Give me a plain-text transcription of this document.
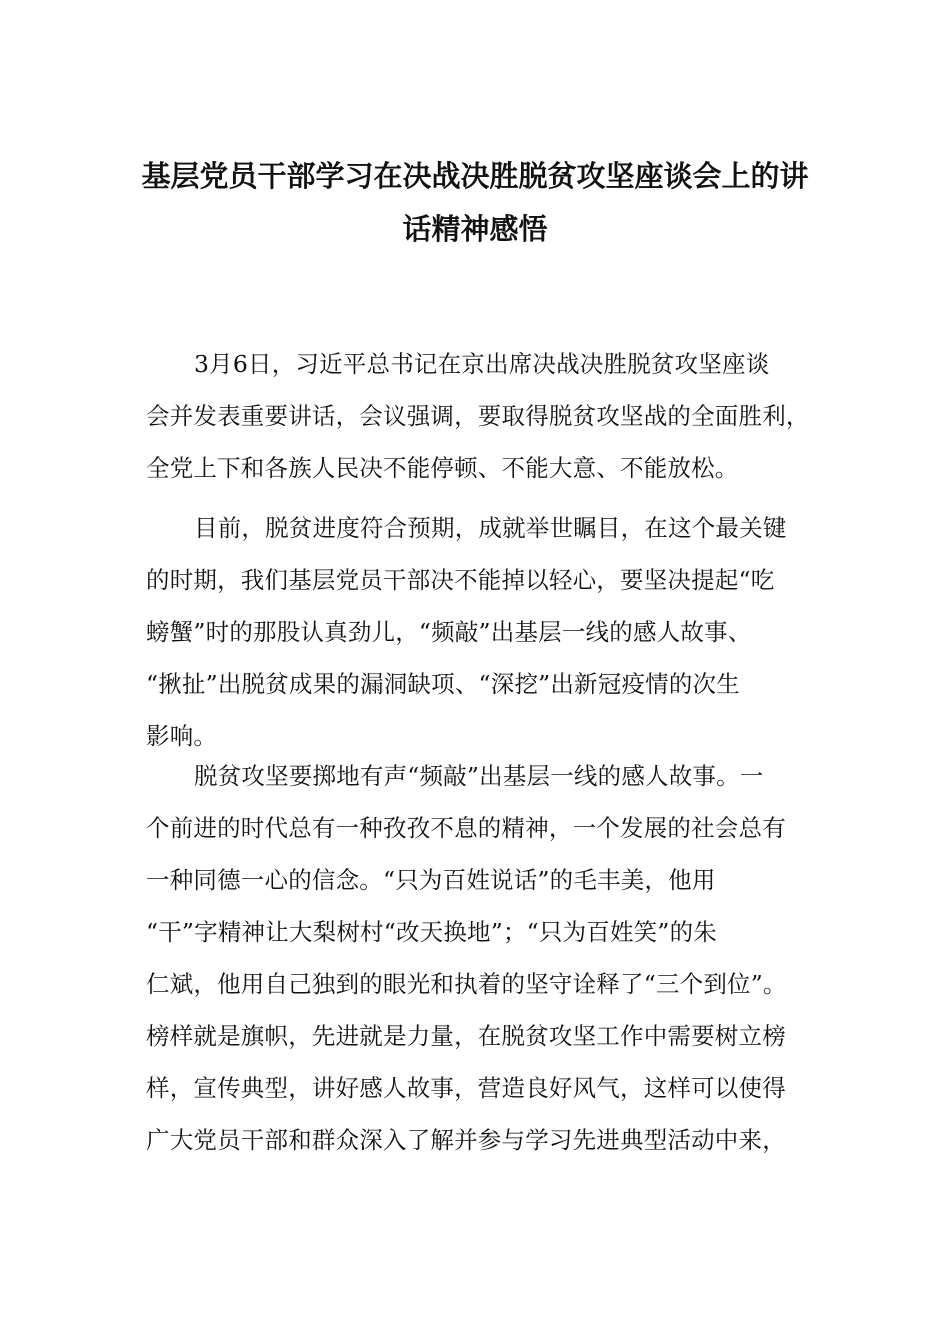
基层党员干部学习在决战决胜脱贫攻坚座谈会上的讲
话精神感悟
3月6日，习近平总书记在京出席决战决胜脱贫攻坚座谈
会并发表重要讲话，会议强调，要取得脱贫攻坚战的全面胜利，
全党上下和各族人民决不能停顿、不能大意、不能放松。
目前，脱贫进度符合预期，成就举世瞩目，在这个最关键
的时期，我们基层党员干部决不能掉以轻心，要坚决提起“吃
螃蟹”时的那股认真劲儿，“频敲”出基层一线的感人故事、
“揪扯”出脱贫成果的漏洞缺项、“深挖”出新冠疫情的次生
影响。
脱贫攻坚要掷地有声“频敲”出基层一线的感人故事。一
个前进的时代总有一种孜孜不息的精神，一个发展的社会总有
一种同德一心的信念。“只为百姓说话”的毛丰美，他用
“干”字精神让大梨树村“改天换地”；“只为百姓笑”的朱
仁斌，他用自己独到的眼光和执着的坚守诠释了“三个到位”。
榜样就是旗帜，先进就是力量，在脱贫攻坚工作中需要树立榜
样，宣传典型，讲好感人故事，营造良好风气，这样可以使得
广大党员干部和群众深入了解并参与学习先进典型活动中来，
